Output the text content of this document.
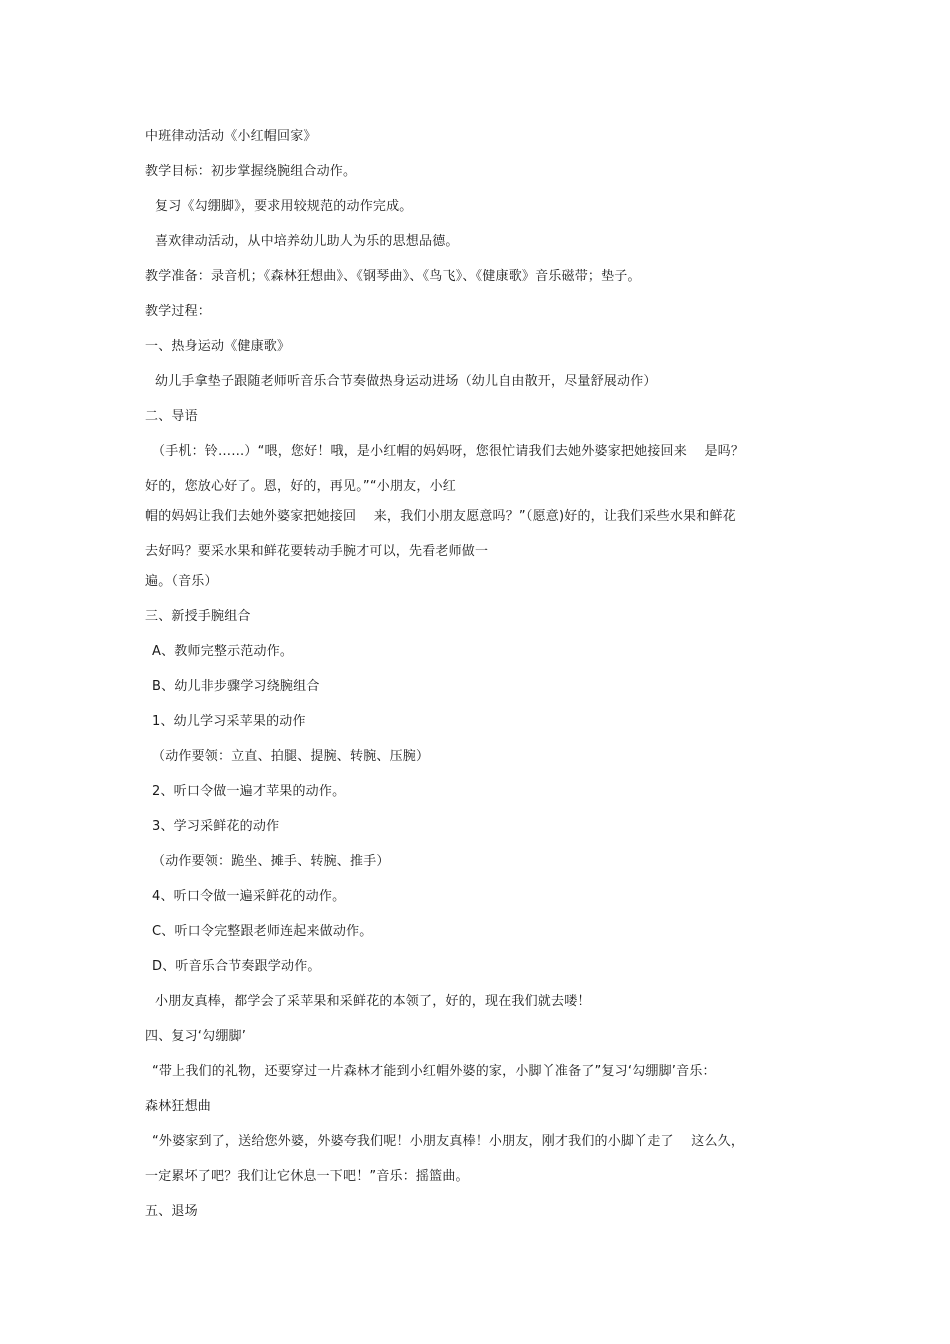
中班律动活动《小红帽回家》
教学目标：初步掌握绕腕组合动作。
复习《勾绷脚》，要求用较规范的动作完成。
喜欢律动活动，从中培养幼儿助人为乐的思想品德。
教学准备：录音机；《森林狂想曲》、《钢琴曲》、《鸟飞》、《健康歌》音乐磁带；垫子。
教学过程：
一、热身运动《健康歌》
幼儿手拿垫子跟随老师听音乐合节奏做热身运动进场（幼儿自由散开，尽量舒展动作）
二、导语
（手机：铃……）“喂，您好！哦，是小红帽的妈妈呀，您很忙请我们去她外婆家把她接回来　 是吗？
好的，您放心好了。恩，好的，再见。”“小朋友，小红
帽的妈妈让我们去她外婆家把她接回　 来，我们小朋友愿意吗？”（愿意)好的，让我们采些水果和鲜花
去好吗？要采水果和鲜花要转动手腕才可以，先看老师做一
遍。（音乐）
三、新授手腕组合
A、教师完整示范动作。
B、幼儿非步骤学习绕腕组合
1、幼儿学习采苹果的动作
（动作要领：立直、拍腿、提腕、转腕、压腕）
2、听口令做一遍才苹果的动作。
3、学习采鲜花的动作
（动作要领：跪坐、摊手、转腕、推手）
4、听口令做一遍采鲜花的动作。
C、听口令完整跟老师连起来做动作。
D、听音乐合节奏跟学动作。
小朋友真棒，都学会了采苹果和采鲜花的本领了，好的，现在我们就去喽！
四、复习‘勾绷脚’
“带上我们的礼物，还要穿过一片森林才能到小红帽外婆的家，小脚丫准备了”复习‘勾绷脚’音乐：
森林狂想曲
“外婆家到了，送给您外婆，外婆夸我们呢！小朋友真棒！小朋友，刚才我们的小脚丫走了　 这么久，
一定累坏了吧？我们让它休息一下吧！”音乐：摇篮曲。
五、退场
